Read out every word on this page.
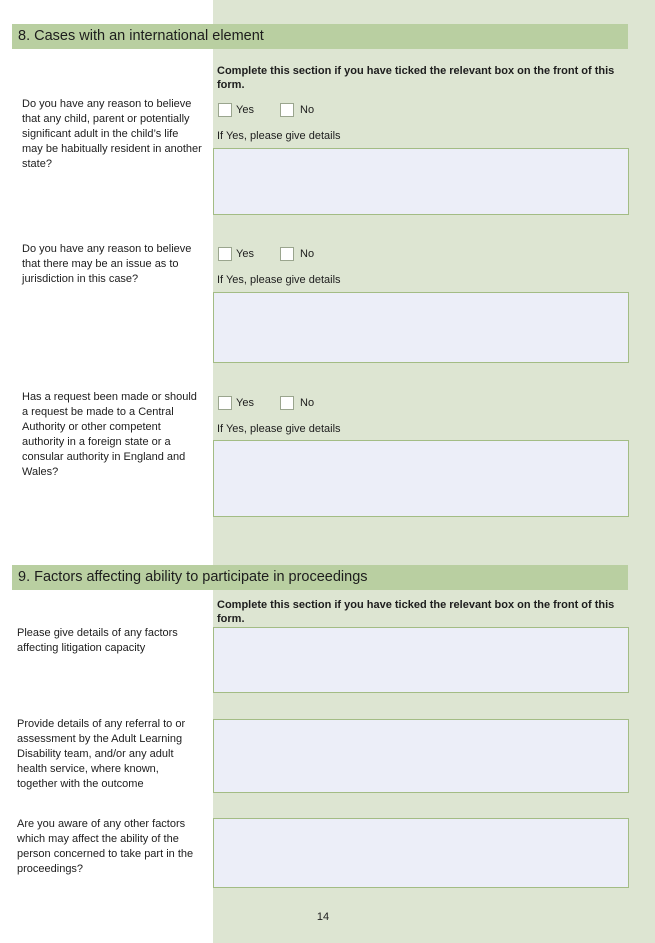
8. Cases with an international element
Complete this section if you have ticked the relevant box on the front of this form.
Do you have any reason to believe that any child, parent or potentially significant adult in the child’s life may be habitually resident in another state?
Yes	No
If Yes, please give details
Do you have any reason to believe that there may be an issue as to jurisdiction in this case?
Yes	No
If Yes, please give details
Has a request been made or should a request be made to a Central Authority or other competent authority in a foreign state or a consular authority in England and Wales?
Yes	No
If Yes, please give details
9. Factors affecting ability to participate in proceedings
Complete this section if you have ticked the relevant box on the front of this form.
Please give details of any factors affecting litigation capacity
Provide details of any referral to or assessment by the Adult Learning Disability team, and/or any adult health service, where known, together with the outcome
Are you aware of any other factors which may affect the ability of the person concerned to take part in the proceedings?
14
